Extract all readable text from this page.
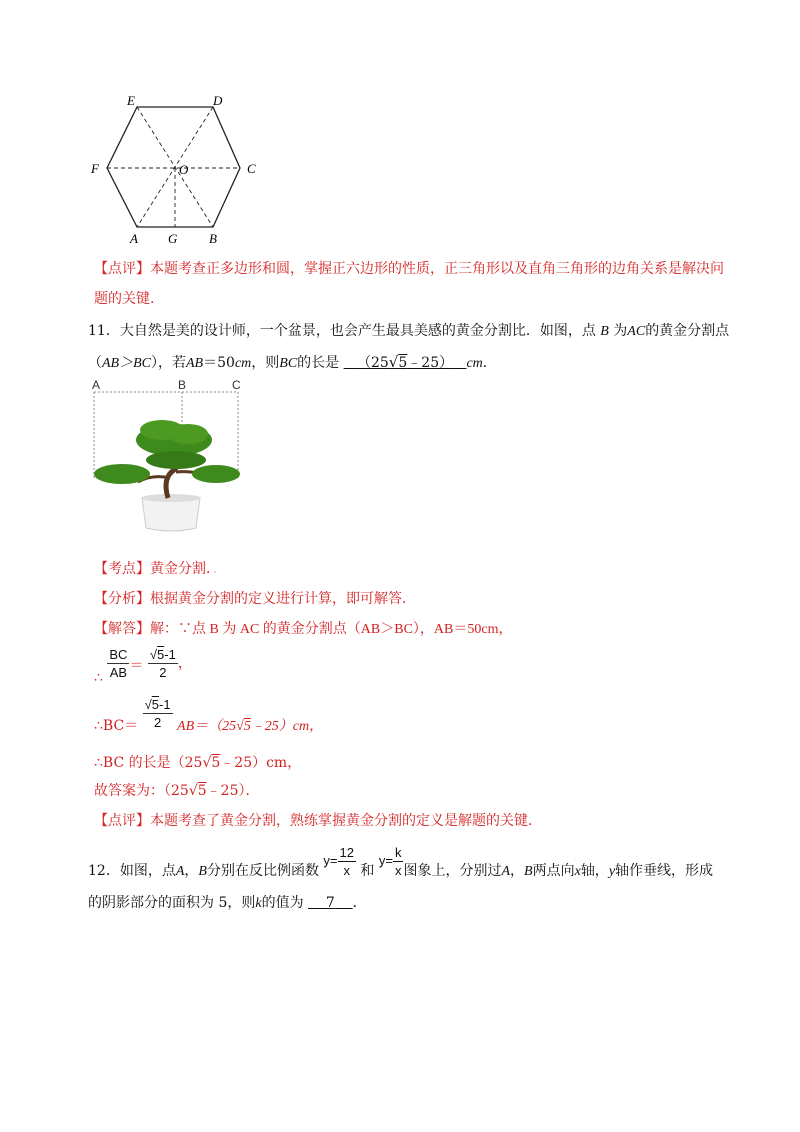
E	D
F	O	C
A G B
【点评】本题考查正多边形和圆，掌握正六边形的性质，正三角形以及直角三角形的边角关系是解决问
题的关键.
11．大自然是美的设计师，一个盆景，也会产生最具美感的黄金分割比．如图，点 B 为AC的黄金分割点
（AB＞BC），若AB＝50cm，则BC的长是 （25√5﹣25） cm．
A	B	C
【考点】黄金分割．．
【分析】根据黄金分割的定义进行计算，即可解答．
【解答】解：∵点 B 为 AC 的黄金分割点（AB＞BC），AB＝50cm，
∴ $\frac{BC}{AB} = \frac{√5-1}{2}$ ，
∴BC＝ $\frac{√5-1}{2}$ AB＝（25√5﹣25）cm，
∴BC 的长是（25√5﹣25）cm，
故答案为：（25√5﹣25）．
【点评】本题考查了黄金分割，熟练掌握黄金分割的定义是解题的关键．
12．如图，点A，B分别在反比例函数 $y= \frac{12}{x}$ 和 $y= \frac{k}{x}$ 图象上，分别过A，B两点向x轴，y轴作垂线，形成
的阴影部分的面积为 5，则k的值为 7 ．
